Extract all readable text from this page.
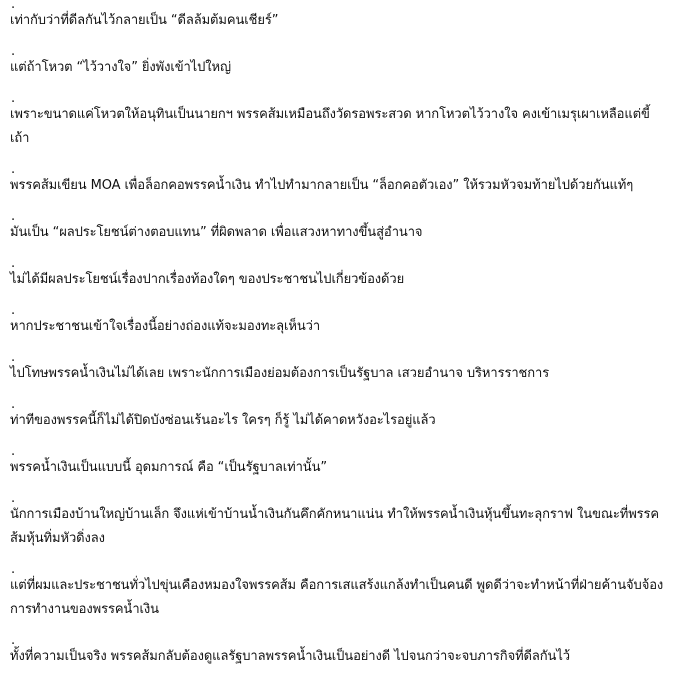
.
เท่ากับว่าที่ดีลกันไว้กลายเป็น “ดีลล้มต้มคนเชียร์”
.
แต่ถ้าโหวต “ไว้วางใจ” ยิ่งพังเข้าไปใหญ่
.
เพราะขนาดแค่โหวตให้อนุทินเป็นนายกฯ พรรคส้มเหมือนถึงวัดรอพระสวด หากโหวตไว้วางใจ คงเข้าเมรุเผาเหลือแต่ขี้เถ้า
.
พรรคส้มเขียน MOA เพื่อล็อกคอพรรคน้ำเงิน ทำไปทำมากลายเป็น “ล็อกคอตัวเอง” ให้รวมหัวจมท้ายไปด้วยกันแท้ๆ
.
มันเป็น “ผลประโยชน์ต่างตอบแทน” ที่ผิดพลาด เพื่อแสวงหาทางขึ้นสู่อำนาจ
.
ไม่ได้มีผลประโยชน์เรื่องปากเรื่องท้องใดๆ ของประชาชนไปเกี่ยวข้องด้วย
.
หากประชาชนเข้าใจเรื่องนี้อย่างถ่องแท้จะมองทะลุเห็นว่า
.
ไปโทษพรรคน้ำเงินไม่ได้เลย เพราะนักการเมืองย่อมต้องการเป็นรัฐบาล เสวยอำนาจ บริหารราชการ
.
ท่าทีของพรรคนี้ก็ไม่ได้ปิดบังซ่อนเร้นอะไร ใครๆ ก็รู้ ไม่ได้คาดหวังอะไรอยู่แล้ว
.
พรรคน้ำเงินเป็นแบบนี้ อุดมการณ์ คือ “เป็นรัฐบาลเท่านั้น”
.
นักการเมืองบ้านใหญ่บ้านเล็ก จึงแห่เข้าบ้านน้ำเงินกันคึกคักหนาแน่น ทำให้พรรคน้ำเงินหุ้นขึ้นทะลุกราฟ ในขณะที่พรรคส้มหุ้นทิ่มหัวดิ่งลง
.
แต่ที่ผมและประชาชนทั่วไปขุ่นเคืองหมองใจพรรคส้ม คือการเสแสร้งแกล้งทำเป็นคนดี พูดดีว่าจะทำหน้าที่ฝ่ายค้านจับจ้องการทำงานของพรรคน้ำเงิน
.
ทั้งที่ความเป็นจริง พรรคส้มกลับต้องดูแลรัฐบาลพรรคน้ำเงินเป็นอย่างดี ไปจนกว่าจะจบภารกิจที่ดีลกันไว้
